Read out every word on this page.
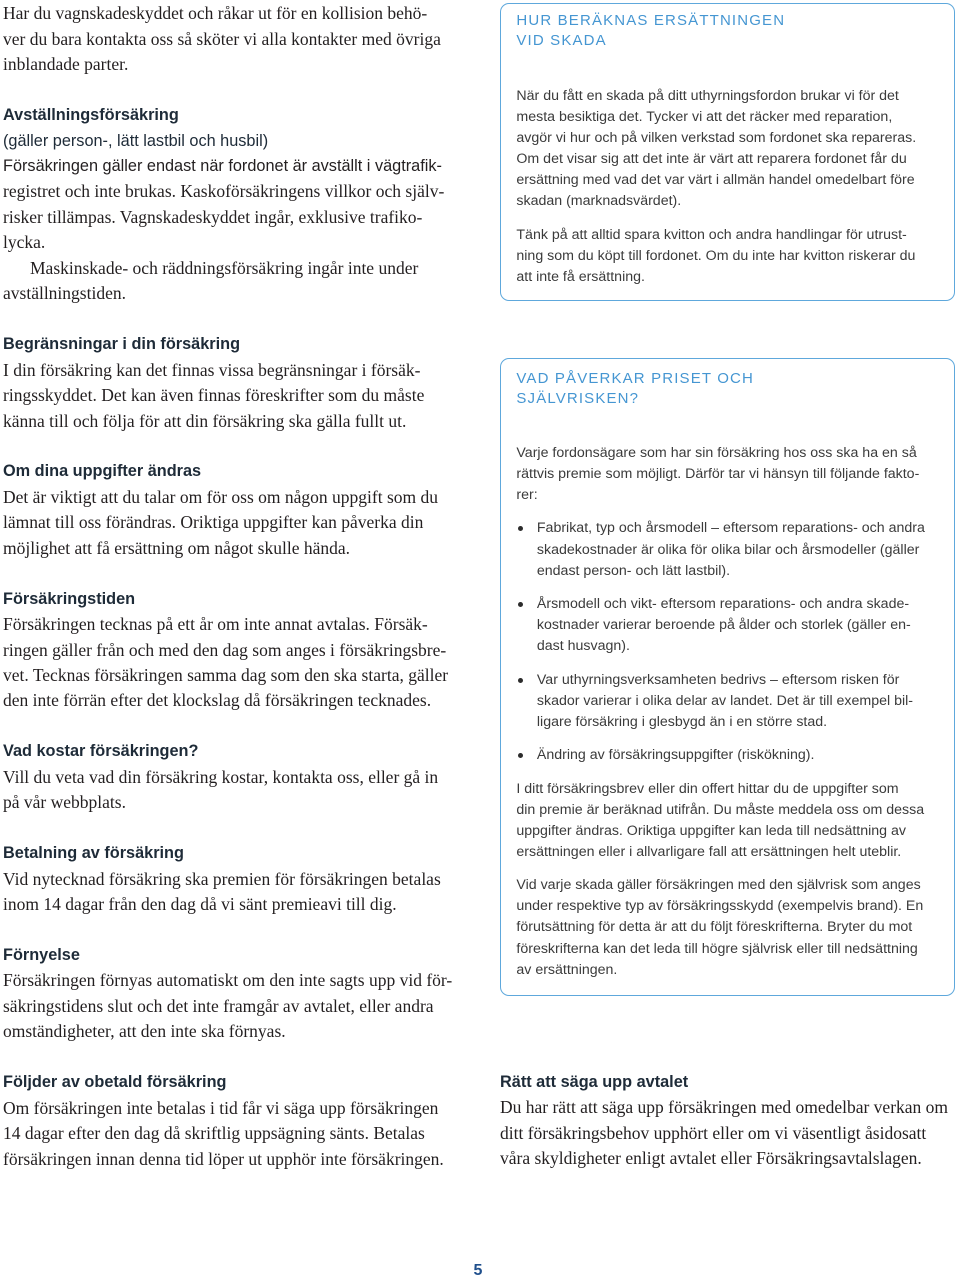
Har du vagnskadeskyddet och råkar ut för en kollision behö-
ver du bara kontakta oss så sköter vi alla kontakter med övriga
inblandade parter.
Avställningsförsäkring
(gäller person-, lätt lastbil och husbil)
Försäkringen gäller endast när fordonet är avställt i vägtrafik-
registret och inte brukas. Kaskoförsäkringens villkor och själv-
risker tillämpas. Vagnskadeskyddet ingår, exklusive trafiko-
lycka.
Maskinskade- och räddningsförsäkring ingår inte under
avställningstiden.
Begränsningar i din försäkring
I din försäkring kan det finnas vissa begränsningar i försäk-
ringsskyddet. Det kan även finnas föreskrifter som du måste
känna till och följa för att din försäkring ska gälla fullt ut.
Om dina uppgifter ändras
Det är viktigt att du talar om för oss om någon uppgift som du
lämnat till oss förändras. Oriktiga uppgifter kan påverka din
möjlighet att få ersättning om något skulle hända.
Försäkringstiden
Försäkringen tecknas på ett år om inte annat avtalas. Försäk-
ringen gäller från och med den dag som anges i försäkringsbre-
vet. Tecknas försäkringen samma dag som den ska starta, gäller
den inte förrän efter det klockslag då försäkringen tecknades.
Vad kostar försäkringen?
Vill du veta vad din försäkring kostar, kontakta oss, eller gå in
på vår webbplats.
Betalning av försäkring
Vid nytecknad försäkring ska premien för försäkringen betalas
inom 14 dagar från den dag då vi sänt premieavi till dig.
Förnyelse
Försäkringen förnyas automatiskt om den inte sagts upp vid för-
säkringstidens slut och det inte framgår av avtalet, eller andra
omständigheter, att den inte ska förnyas.
Följder av obetald försäkring
Om försäkringen inte betalas i tid får vi säga upp försäkringen
14 dagar efter den dag då skriftlig uppsägning sänts. Betalas
försäkringen innan denna tid löper ut upphör inte försäkringen.
HUR BERÄKNAS ERSÄTTNINGEN
VID SKADA
När du fått en skada på ditt uthyrningsfordon brukar vi för det
mesta besiktiga det. Tycker vi att det räcker med reparation,
avgör vi hur och på vilken verkstad som fordonet ska repareras.
Om det visar sig att det inte är värt att reparera fordonet får du
ersättning med vad det var värt i allmän handel omedelbart före
skadan (marknadsvärdet).
Tänk på att alltid spara kvitton och andra handlingar för utrust-
ning som du köpt till fordonet. Om du inte har kvitton riskerar du
att inte få ersättning.
VAD PÅVERKAR PRISET OCH
SJÄLVRISKEN?
Varje fordonsägare som har sin försäkring hos oss ska ha en så
rättvis premie som möjligt. Därför tar vi hänsyn till följande fakto-
rer:
Fabrikat, typ och årsmodell – eftersom reparations- och andra
skadekostnader är olika för olika bilar och årsmodeller (gäller
endast person- och lätt lastbil).
Årsmodell och vikt- eftersom reparations- och andra skade-
kostnader varierar beroende på ålder och storlek (gäller en-
dast husvagn).
Var uthyrningsverksamheten bedrivs – eftersom risken för
skador varierar i olika delar av landet. Det är till exempel bil-
ligare försäkring i glesbygd än i en större stad.
Ändring av försäkringsuppgifter (riskökning).
I ditt försäkringsbrev eller din offert hittar du de uppgifter som
din premie är beräknad utifrån. Du måste meddela oss om dessa
uppgifter ändras. Oriktiga uppgifter kan leda till nedsättning av
ersättningen eller i allvarligare fall att ersättningen helt uteblir.
Vid varje skada gäller försäkringen med den självrisk som anges
under respektive typ av försäkringsskydd (exempelvis brand). En
förutsättning för detta är att du följt föreskrifterna. Bryter du mot
föreskrifterna kan det leda till högre självrisk eller till nedsättning
av ersättningen.
Rätt att säga upp avtalet
Du har rätt att säga upp försäkringen med omedelbar verkan om
ditt försäkringsbehov upphört eller om vi väsentligt åsidosatt
våra skyldigheter enligt avtalet eller Försäkringsavtalslagen.
5
